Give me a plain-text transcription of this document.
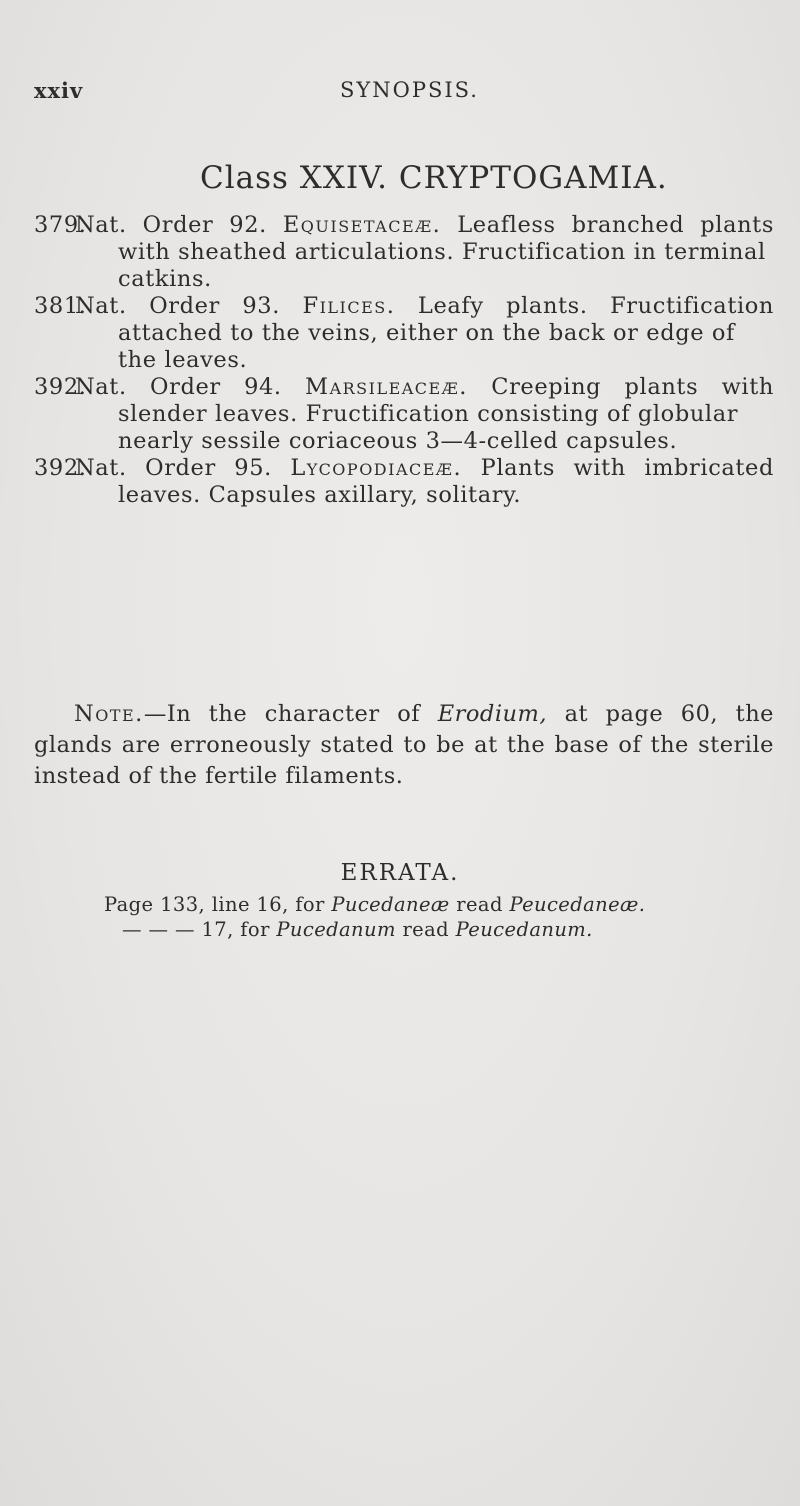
xxiv	SYNOPSIS.
Class XXIV. CRYPTOGAMIA.
379.
Nat. Order 92. Equisetaceæ. Leafless branched plants
with sheathed articulations. Fructification in terminal catkins.
381.
Nat. Order 93. Filices. Leafy plants. Fructification
attached to the veins, either on the back or edge of the leaves.
392.
Nat. Order 94. Marsileaceæ. Creeping plants with
slender leaves. Fructification consisting of globular nearly sessile coriaceous 3—4-celled capsules.
392.
Nat. Order 95. Lycopodiaceæ. Plants with imbricated
leaves. Capsules axillary, solitary.

Note.—In the character of Erodium, at page 60, the glands are erroneously stated to be at the base of the sterile instead of the fertile filaments.

ERRATA.
Page 133, line 16, for Pucedaneæ read Peucedaneæ.
— — — 17, for Pucedanum read Peucedanum.
